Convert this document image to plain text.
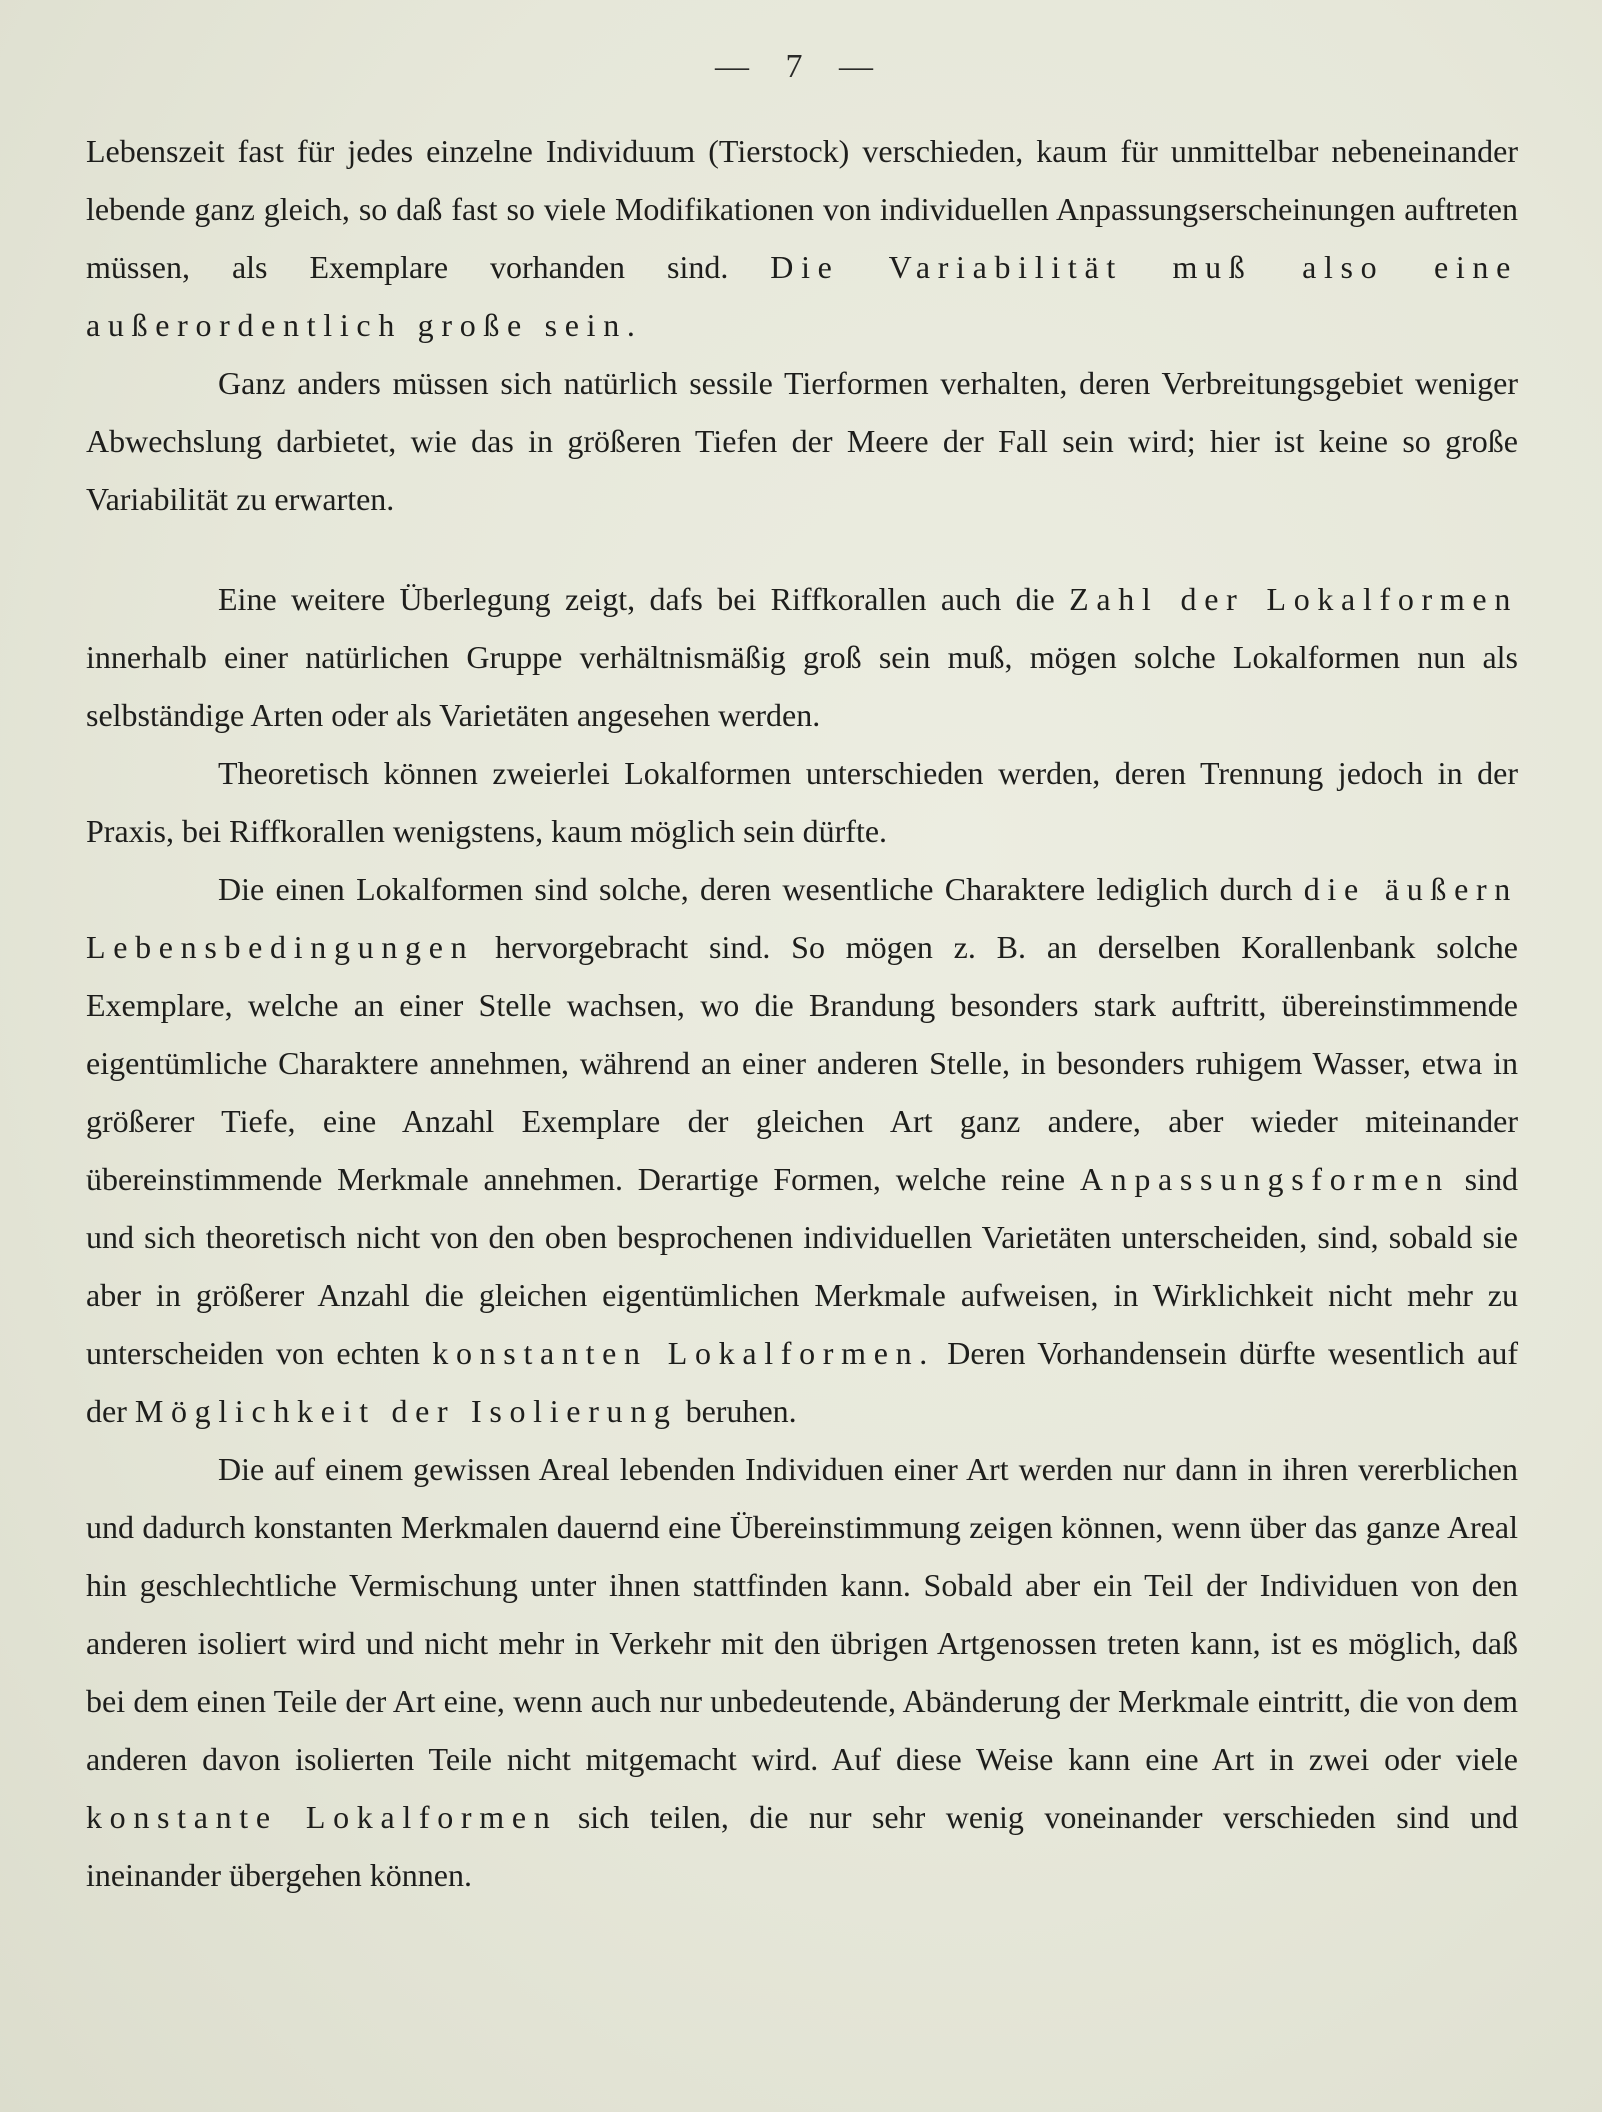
— 7 —

Lebenszeit fast für jedes einzelne Individuum (Tierstock) verschieden, kaum für unmittelbar nebeneinander lebende ganz gleich, so daß fast so viele Modifikationen von individuellen Anpassungserscheinungen auftreten müssen, als Exemplare vorhanden sind. Die Variabilität muß also eine außerordentlich große sein.

Ganz anders müssen sich natürlich sessile Tierformen verhalten, deren Verbreitungsgebiet weniger Abwechslung darbietet, wie das in größeren Tiefen der Meere der Fall sein wird; hier ist keine so große Variabilität zu erwarten.

Eine weitere Überlegung zeigt, dafs bei Riffkorallen auch die Zahl der Lokalformen innerhalb einer natürlichen Gruppe verhältnismäßig groß sein muß, mögen solche Lokalformen nun als selbständige Arten oder als Varietäten angesehen werden.

Theoretisch können zweierlei Lokalformen unterschieden werden, deren Trennung jedoch in der Praxis, bei Riffkorallen wenigstens, kaum möglich sein dürfte.

Die einen Lokalformen sind solche, deren wesentliche Charaktere lediglich durch die äußern Lebensbedingungen hervorgebracht sind. So mögen z. B. an derselben Korallenbank solche Exemplare, welche an einer Stelle wachsen, wo die Brandung besonders stark auftritt, übereinstimmende eigentümliche Charaktere annehmen, während an einer anderen Stelle, in besonders ruhigem Wasser, etwa in größerer Tiefe, eine Anzahl Exemplare der gleichen Art ganz andere, aber wieder miteinander übereinstimmende Merkmale annehmen. Derartige Formen, welche reine Anpassungsformen sind und sich theoretisch nicht von den oben besprochenen individuellen Varietäten unterscheiden, sind, sobald sie aber in größerer Anzahl die gleichen eigentümlichen Merkmale aufweisen, in Wirklichkeit nicht mehr zu unterscheiden von echten konstanten Lokalformen. Deren Vorhandensein dürfte wesentlich auf der Möglichkeit der Isolierung beruhen.

Die auf einem gewissen Areal lebenden Individuen einer Art werden nur dann in ihren vererblichen und dadurch konstanten Merkmalen dauernd eine Übereinstimmung zeigen können, wenn über das ganze Areal hin geschlechtliche Vermischung unter ihnen stattfinden kann. Sobald aber ein Teil der Individuen von den anderen isoliert wird und nicht mehr in Verkehr mit den übrigen Artgenossen treten kann, ist es möglich, daß bei dem einen Teile der Art eine, wenn auch nur unbedeutende, Abänderung der Merkmale eintritt, die von dem anderen davon isolierten Teile nicht mitgemacht wird. Auf diese Weise kann eine Art in zwei oder viele konstante Lokalformen sich teilen, die nur sehr wenig voneinander verschieden sind und ineinander übergehen können.
